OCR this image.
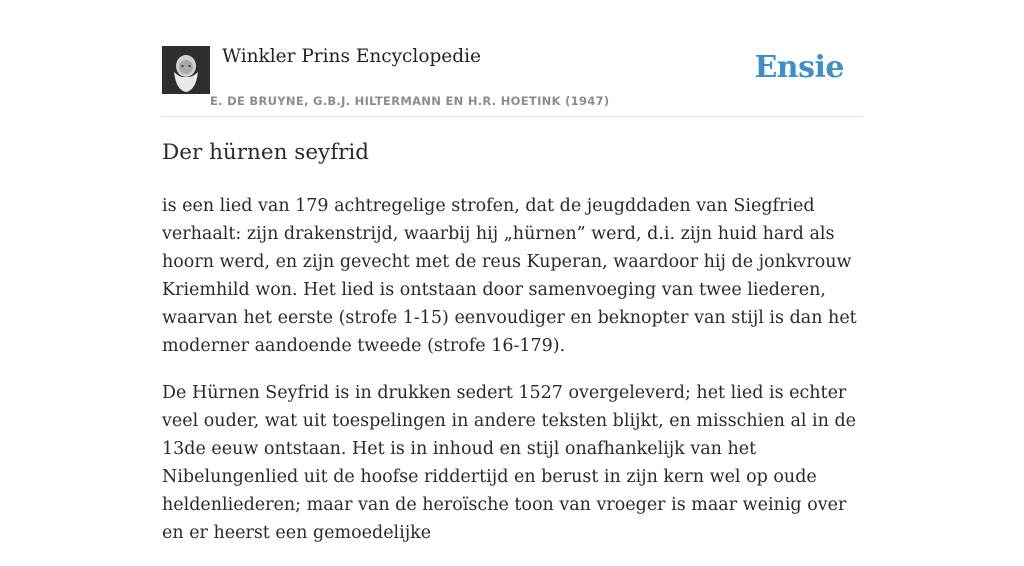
Winkler Prins Encyclopedie
E. DE BRUYNE, G.B.J. HILTERMANN EN H.R. HOETINK (1947)
Ensie
Der hürnen seyfrid

is een lied van 179 achtregelige strofen, dat de jeugddaden van Siegfried verhaalt: zijn drakenstrijd, waarbij hij „hürnen” werd, d.i. zijn huid hard als hoorn werd, en zijn gevecht met de reus Kuperan, waardoor hij de jonkvrouw Kriemhild won. Het lied is ontstaan door samenvoeging van twee liederen, waarvan het eerste (strofe 1-15) eenvoudiger en beknopter van stijl is dan het moderner aandoende tweede (strofe 16-179).

De Hürnen Seyfrid is in drukken sedert 1527 overgeleverd; het lied is echter veel ouder, wat uit toespelingen in andere teksten blijkt, en misschien al in de 13de eeuw ontstaan. Het is in inhoud en stijl onafhankelijk van het Nibelungenlied uit de hoofse riddertijd en berust in zijn kern wel op oude heldenliederen; maar van de heroïsche toon van vroeger is maar weinig over en er heerst een gemoedelijke
